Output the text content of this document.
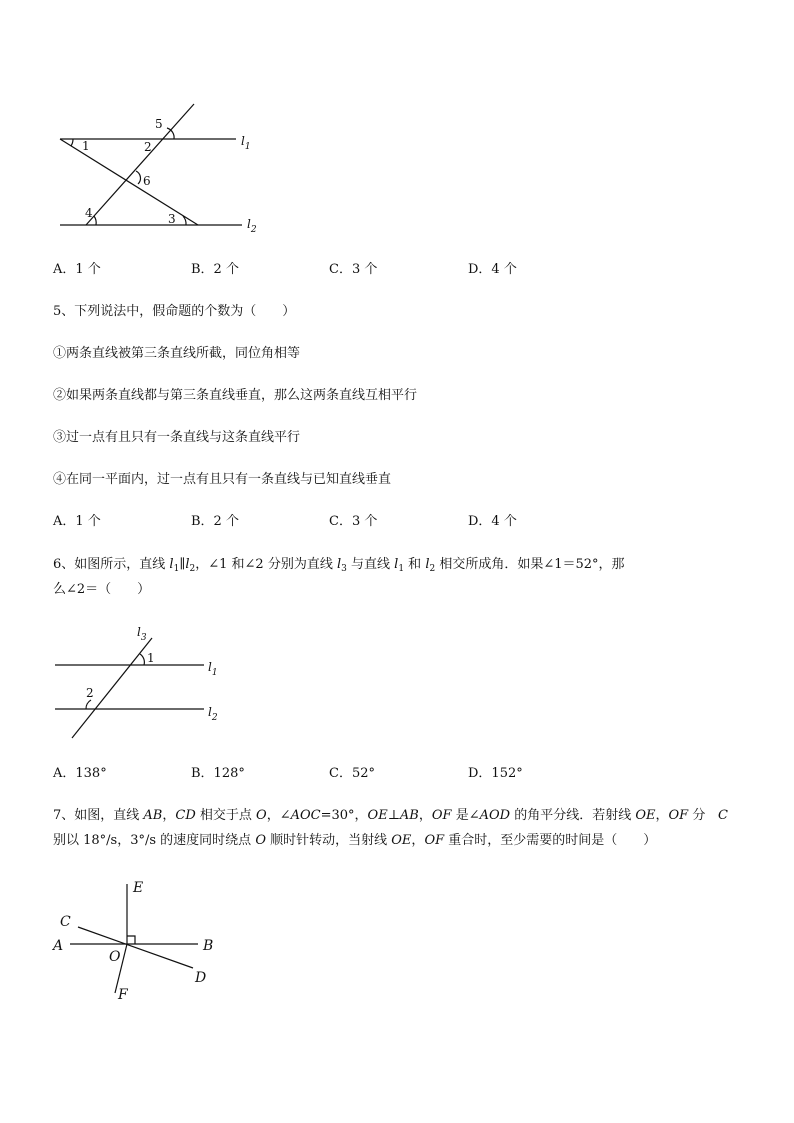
1	2
5
6
4	3
$l_1$
$l_2$
A．1 个	B．2 个	C．3 个	D．4 个
5、下列说法中，假命题的个数为（　　）
①两条直线被第三条直线所截，同位角相等
②如果两条直线都与第三条直线垂直，那么这两条直线互相平行
③过一点有且只有一条直线与这条直线平行
④在同一平面内，过一点有且只有一条直线与已知直线垂直
A．1 个	B．2 个	C．3 个	D．4 个
6、如图所示，直线 $l_1\parallel l_2$，∠1 和∠2 分别为直线 $l_3$ 与直线 $l_1$ 和 $l_2$ 相交所成角．如果∠1＝52°，那
么∠2＝（　　）
$l_3$
1
2
$l_1$
$l_2$
A．138°	B．128°	C．52°	D．152°
7、如图，直线 AB，CD 相交于点 O，∠AOC=30°，OE⊥AB，OF 是∠AOD 的角平分线．若射线 OE，OF 分 C
别以 18°/s，3°/s 的速度同时绕点 O 顺时针转动，当射线 OE，OF 重合时，至少需要的时间是（　　）
E
C
A	B
O
D
F
